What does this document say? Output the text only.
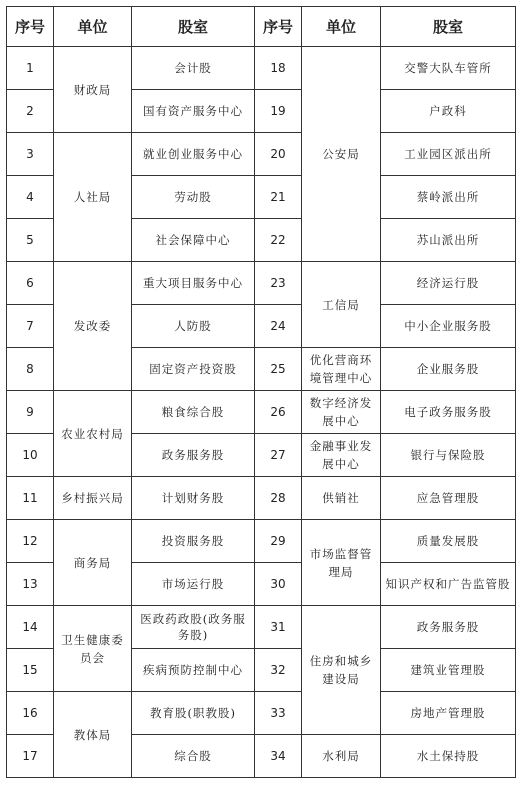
序号	单位	股室	序号	单位	股室
1	财政局	会计股	18	公安局	交警大队车管所
2		国有资产服务中心	19		户政科
3	人社局	就业创业服务中心	20		工业园区派出所
4		劳动股	21		蔡岭派出所
5		社会保障中心	22		苏山派出所
6	发改委	重大项目服务中心	23	工信局	经济运行股
7		人防股	24		中小企业服务股
8		固定资产投资股	25	优化营商环境管理中心	企业服务股
9	农业农村局	粮食综合股	26	数字经济发展中心	电子政务服务股
10		政务服务股	27	金融事业发展中心	银行与保险股
11	乡村振兴局	计划财务股	28	供销社	应急管理股
12	商务局	投资服务股	29	市场监督管理局	质量发展股
13		市场运行股	30		知识产权和广告监管股
14	卫生健康委员会	医政药政股(政务服务股)	31	住房和城乡建设局	政务服务股
15		疾病预防控制中心	32		建筑业管理股
16	教体局	教育股(职教股)	33		房地产管理股
17		综合股	34	水利局	水土保持股
